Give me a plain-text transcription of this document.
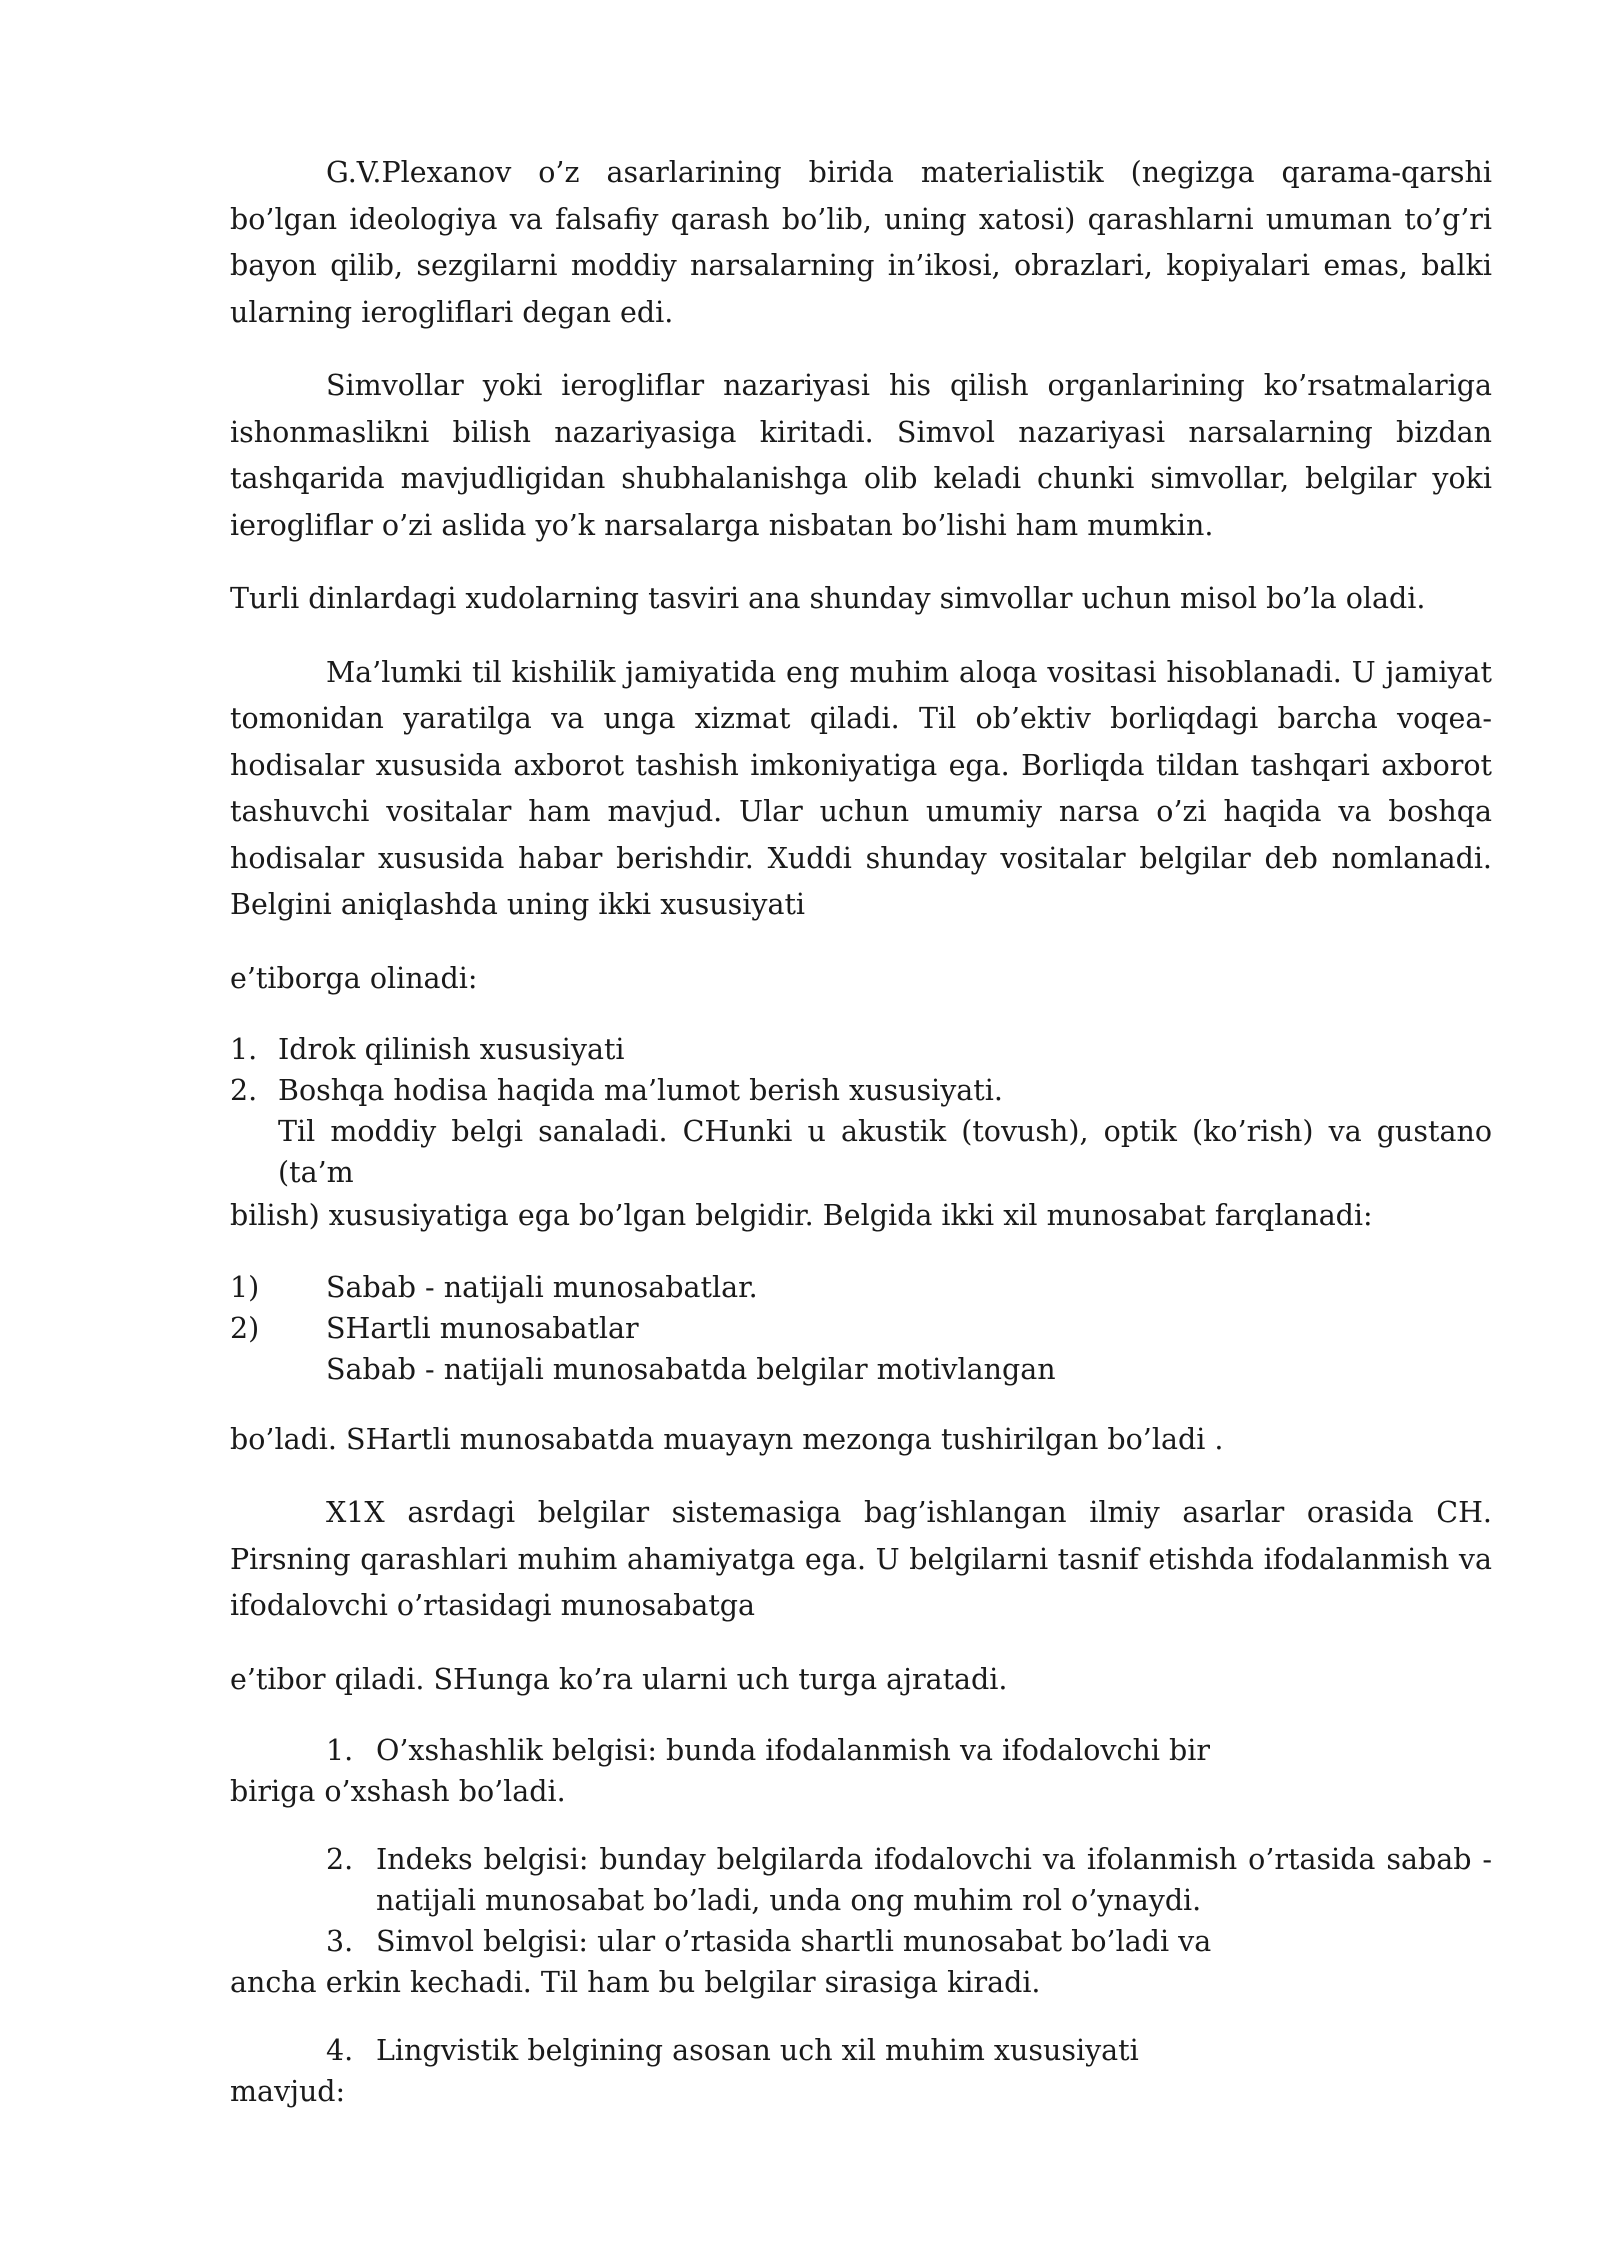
G.V.Plexanov o’z asarlarining birida materialistik (negizga qarama-qarshi bo’lgan ideologiya va falsafiy qarash bo’lib, uning xatosi) qarashlarni umuman to’g’ri bayon qilib, sezgilarni moddiy narsalarning in’ikosi, obrazlari, kopiyalari emas, balki ularning ierogliflari degan edi.

Simvollar yoki ierogliflar nazariyasi his qilish organlarining ko’rsatmalariga ishonmaslikni bilish nazariyasiga kiritadi. Simvol nazariyasi narsalarning bizdan tashqarida mavjudligidan shubhalanishga olib keladi chunki simvollar, belgilar yoki ierogliflar o’zi aslida yo’k narsalarga nisbatan bo’lishi ham mumkin.

Turli dinlardagi xudolarning tasviri ana shunday simvollar uchun misol bo’la oladi.

Ma’lumki til kishilik jamiyatida eng muhim aloqa vositasi hisoblanadi. U jamiyat tomonidan yaratilga va unga xizmat qiladi. Til ob’ektiv borliqdagi barcha voqea-hodisalar xususida axborot tashish imkoniyatiga ega. Borliqda tildan tashqari axborot tashuvchi vositalar ham mavjud. Ular uchun umumiy narsa o’zi haqida va boshqa hodisalar xususida habar berishdir. Xuddi shunday vositalar belgilar deb nomlanadi. Belgini aniqlashda uning ikki xususiyati

e’tiborga olinadi:

1. Idrok qilinish xususiyati
2. Boshqa hodisa haqida ma’lumot berish xususiyati.
Til moddiy belgi sanaladi. CHunki u akustik (tovush), optik (ko’rish) va gustano (ta’m
bilish) xususiyatiga ega bo’lgan belgidir. Belgida ikki xil munosabat farqlanadi:
1)	Sabab - natijali munosabatlar.
2)	SHartli munosabatlar

Sabab - natijali munosabatda belgilar motivlangan

bo’ladi. SHartli munosabatda muayayn mezonga tushirilgan bo’ladi .

X1X asrdagi belgilar sistemasiga bag’ishlangan ilmiy asarlar orasida CH. Pirsning qarashlari muhim ahamiyatga ega. U belgilarni tasnif etishda ifodalanmish va ifodalovchi o’rtasidagi munosabatga

e’tibor qiladi. SHunga ko’ra ularni uch turga ajratadi.

1. O’xshashlik belgisi: bunda ifodalanmish va ifodalovchi bir
biriga o’xshash bo’ladi.
2. Indeks belgisi: bunday belgilarda ifodalovchi va ifolanmish o’rtasida sabab - natijali munosabat bo’ladi, unda ong muhim rol o’ynaydi.
3. Simvol belgisi: ular o’rtasida shartli munosabat bo’ladi va
ancha erkin kechadi. Til ham bu belgilar sirasiga kiradi.
4. Lingvistik belgining asosan uch xil muhim xususiyati
mavjud:
